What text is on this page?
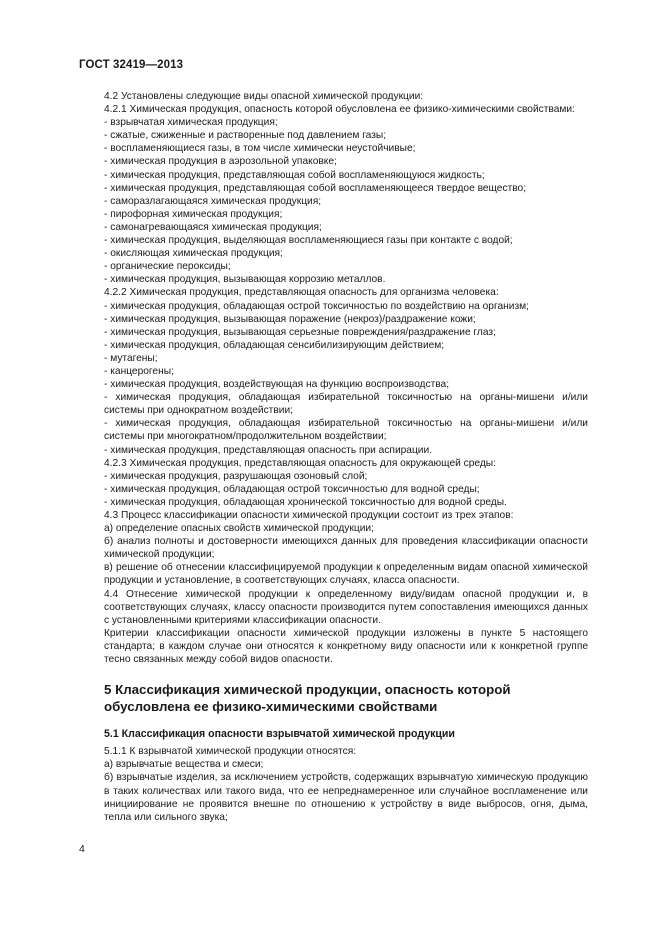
ГОСТ 32419—2013

4.2 Установлены следующие виды опасной химической продукции:

4.2.1 Химическая продукция, опасность которой обусловлена ее физико-химическими свойствами:

- взрывчатая химическая продукция;

- сжатые, сжиженные и растворенные под давлением газы;

- воспламеняющиеся газы, в том числе химически неустойчивые;

- химическая продукция в аэрозольной упаковке;

- химическая продукция, представляющая собой воспламеняющуюся жидкость;

- химическая продукция, представляющая собой воспламеняющееся твердое вещество;

- саморазлагающаяся химическая продукция;

- пирофорная химическая продукция;

- самонагревающаяся химическая продукция;

- химическая продукция, выделяющая воспламеняющиеся газы при контакте с водой;

- окисляющая химическая продукция;

- органические пероксиды;

- химическая продукция, вызывающая коррозию металлов.

4.2.2 Химическая продукция, представляющая опасность для организма человека:

- химическая продукция, обладающая острой токсичностью по воздействию на организм;

- химическая продукция, вызывающая поражение (некроз)/раздражение кожи;

- химическая продукция, вызывающая серьезные повреждения/раздражение глаз;

- химическая продукция, обладающая сенсибилизирующим действием;

- мутагены;

- канцерогены;

- химическая продукция, воздействующая на функцию воспроизводства;

- химическая продукция, обладающая избирательной токсичностью на органы-мишени и/или системы при однократном воздействии;

- химическая продукция, обладающая избирательной токсичностью на органы-мишени и/или системы при многократном/продолжительном воздействии;

- химическая продукция, представляющая опасность при аспирации.

4.2.3 Химическая продукция, представляющая опасность для окружающей среды:

- химическая продукция, разрушающая озоновый слой;

- химическая продукция, обладающая острой токсичностью для водной среды;

- химическая продукция, обладающая хронической токсичностью для водной среды.

4.3 Процесс классификации опасности химической продукции состоит из трех этапов:

а) определение опасных свойств химической продукции;

б) анализ полноты и достоверности имеющихся данных для проведения классификации опасности химической продукции;

в) решение об отнесении классифицируемой продукции к определенным видам опасной химической продукции и установление, в соответствующих случаях, класса опасности.

4.4 Отнесение химической продукции к определенному виду/видам опасной продукции и, в соответствующих случаях, классу опасности производится путем сопоставления имеющихся данных с установленными критериями классификации опасности.

Критерии классификации опасности химической продукции изложены в пункте 5 настоящего стандарта; в каждом случае они относятся к конкретному виду опасности или к конкретной группе тесно связанных между собой видов опасности.

5 Классификация химической продукции, опасность которой обусловлена ее физико-химическими свойствами
5.1 Классификация опасности взрывчатой химической продукции

5.1.1 К взрывчатой химической продукции относятся:

а) взрывчатые вещества и смеси;

б) взрывчатые изделия, за исключением устройств, содержащих взрывчатую химическую продукцию в таких количествах или такого вида, что ее непреднамеренное или случайное воспламенение или инициирование не проявится внешне по отношению к устройству в виде выбросов, огня, дыма, тепла или сильного звука;

4
